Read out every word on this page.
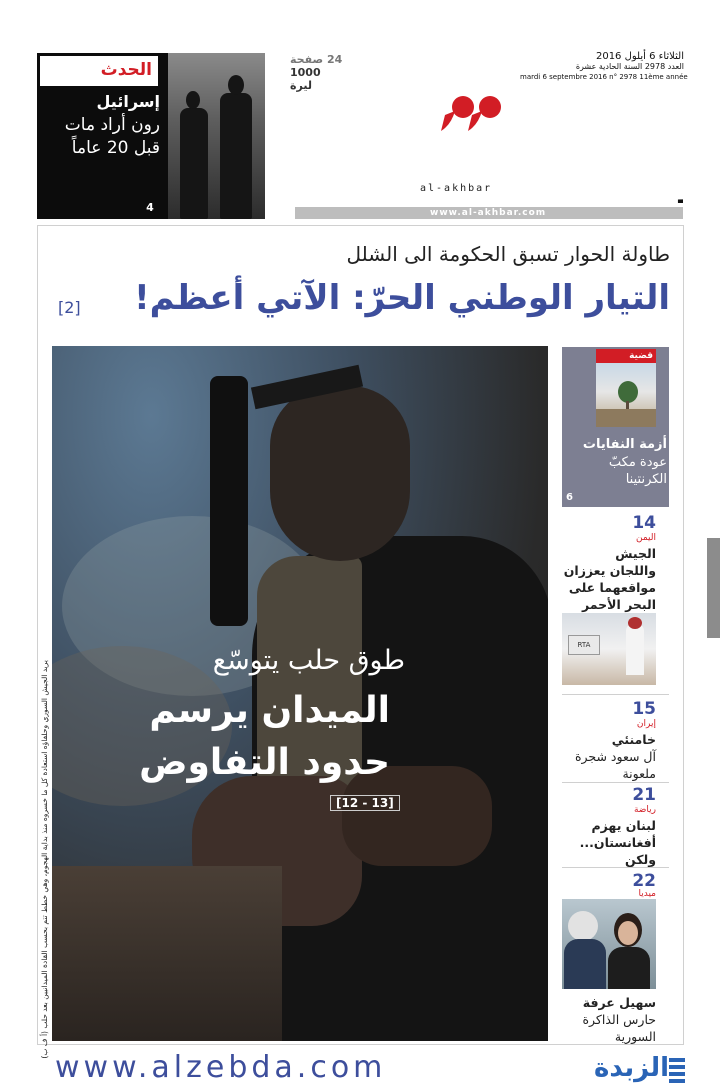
الحدث
إسرائيل
رون أراد مات قبل 20 عاماً
4
24 صفحة
1000 ليرة
الثلاثاء 6 أيلول 2016
العدد 2978 السنة الحادية عشرة
mardi 6 septembre 2016 n° 2978 11ème année
al-akhbar
www.al-akhbar.com
طاولة الحوار تسبق الحكومة الى الشلل
التيار الوطني الحرّ: الآتي أعظم!
[2]
يريد الجيش السوري وحلفاؤه استعادة كل ما خسروه منذ بداية الهجوم، وهي خطط تتم بحسب القادة الميدانيين بعد حلب (أ ف ب)	طوق حلب يتوسّع
الميدان يرسم
حدود التفاوض
[12 - 13]
قضية
أزمة النفايات
عودة مكبّ الكرنتينا
6
14
اليمن
الجيش
واللجان يعززان
مواقعهما على
البحر الأحمر
RTA
15
إيران
خامنئي
آل سعود شجرة
ملعونة
21
رياضة
لبنان يهزم
أفغانستان...
ولكن
22
ميديا
سهيل عرفة
حارس الذاكرة
السورية
www.alzebda.com	الزبدة
